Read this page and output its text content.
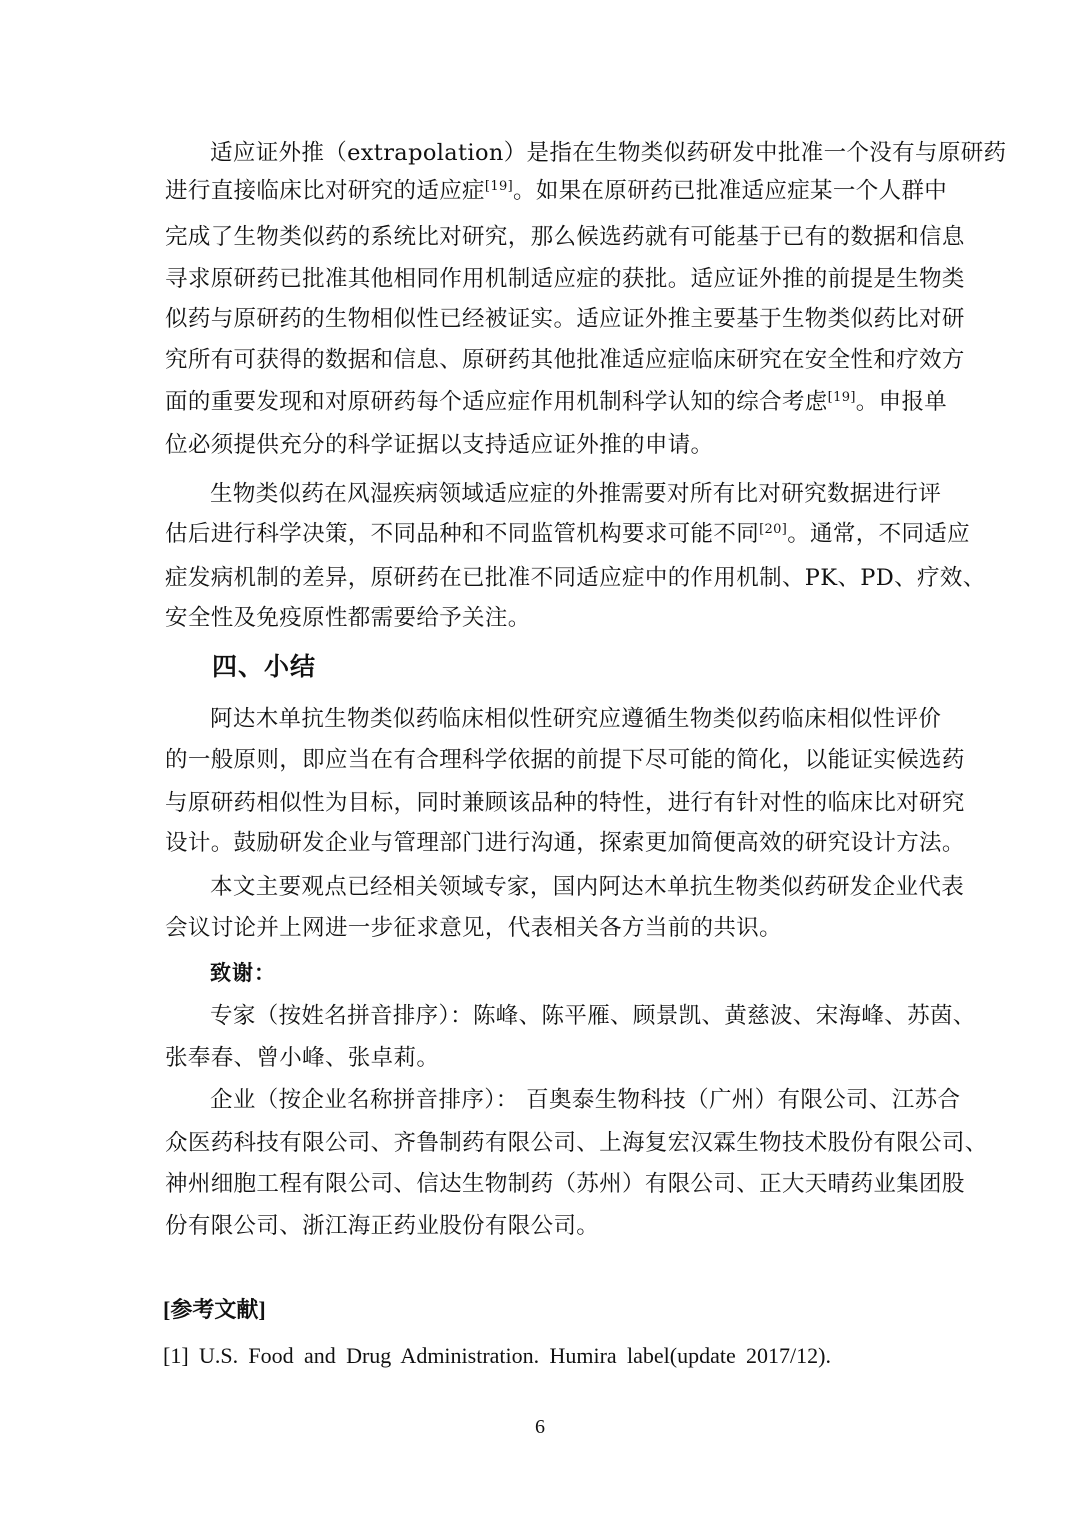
适应证外推（extrapolation）是指在生物类似药研发中批准一个没有与原研药
进行直接临床比对研究的适应症[19]。如果在原研药已批准适应症某一个人群中
完成了生物类似药的系统比对研究，那么候选药就有可能基于已有的数据和信息
寻求原研药已批准其他相同作用机制适应症的获批。适应证外推的前提是生物类
似药与原研药的生物相似性已经被证实。适应证外推主要基于生物类似药比对研
究所有可获得的数据和信息、原研药其他批准适应症临床研究在安全性和疗效方
面的重要发现和对原研药每个适应症作用机制科学认知的综合考虑[19]。申报单
位必须提供充分的科学证据以支持适应证外推的申请。
生物类似药在风湿疾病领域适应症的外推需要对所有比对研究数据进行评
估后进行科学决策，不同品种和不同监管机构要求可能不同[20]。通常，不同适应
症发病机制的差异，原研药在已批准不同适应症中的作用机制、PK、PD、疗效、
安全性及免疫原性都需要给予关注。
四、小结
阿达木单抗生物类似药临床相似性研究应遵循生物类似药临床相似性评价
的一般原则，即应当在有合理科学依据的前提下尽可能的简化，以能证实候选药
与原研药相似性为目标，同时兼顾该品种的特性，进行有针对性的临床比对研究
设计。鼓励研发企业与管理部门进行沟通，探索更加简便高效的研究设计方法。
本文主要观点已经相关领域专家，国内阿达木单抗生物类似药研发企业代表
会议讨论并上网进一步征求意见，代表相关各方当前的共识。
致谢：
专家（按姓名拼音排序）：陈峰、陈平雁、顾景凯、黄慈波、宋海峰、苏茵、
张奉春、曾小峰、张卓莉。
企业（按企业名称拼音排序）： 百奥泰生物科技（广州）有限公司、江苏合
众医药科技有限公司、齐鲁制药有限公司、上海复宏汉霖生物技术股份有限公司、
神州细胞工程有限公司、信达生物制药（苏州）有限公司、正大天晴药业集团股
份有限公司、浙江海正药业股份有限公司。
[参考文献]
[1] U.S. Food and Drug Administration. Humira label(update 2017/12).
6
